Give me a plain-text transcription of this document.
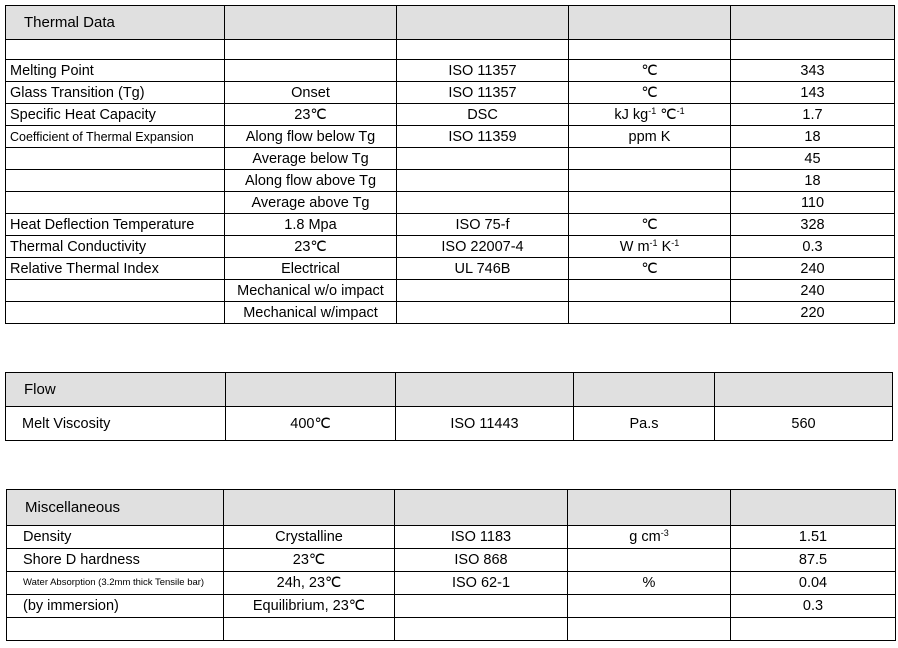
Thermal Data				

Melting Point		ISO 11357	℃	343
Glass Transition (Tg)	Onset	ISO 11357	℃	143
Specific Heat Capacity	23℃	DSC	kJ $kg^{-1}$ ℃$^{-1}$	1.7
Coefficient of Thermal Expansion	Along flow below Tg	ISO 11359	ppm K	18
	Average below Tg			45
	Along flow above Tg			18
	Average above Tg			110
Heat Deflection Temperature	1.8 Mpa	ISO 75-f	℃	328
Thermal Conductivity	23℃	ISO 22007-4	W $m^{-1}$ $K^{-1}$	0.3
Relative Thermal Index	Electrical	UL 746B	℃	240
	Mechanical w/o impact			240
	Mechanical w/impact			220
Flow				
Melt Viscosity	400℃	ISO 11443	Pa.s	560
Miscellaneous				
Density	Crystalline	ISO 1183	g $cm^{-3}$	1.51
Shore D hardness	23℃	ISO 868		87.5
Water Absorption (3.2mm thick Tensile bar)	24h, 23℃	ISO 62-1	%	0.04
(by immersion)	Equilibrium, 23℃			0.3
